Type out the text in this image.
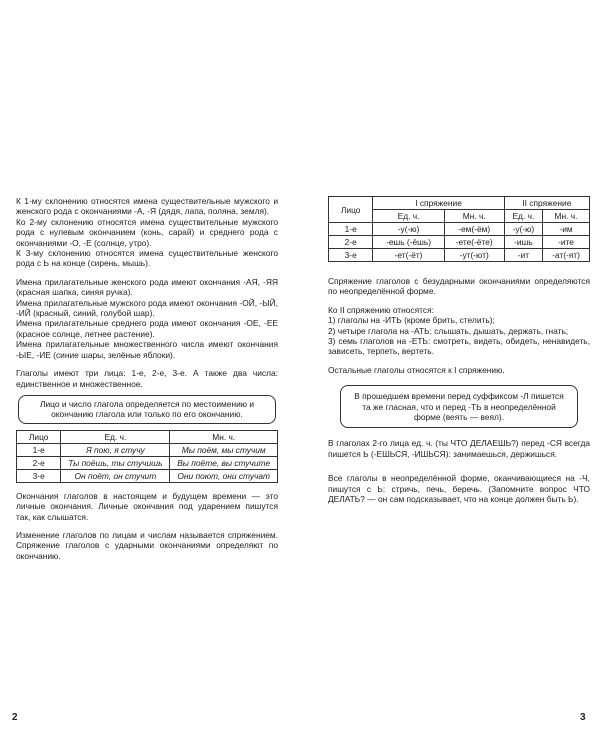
К 1-му склонению относятся имена существительные мужского и женского рода с окончаниями -А, -Я (дядя, лапа, поляна, земля).

Ко 2-му склонению относятся имена существительные мужского рода с нулевым окончанием (конь, сарай) и среднего рода с окончаниями -О, -Е (солнце, утро).

К 3-му склонению относятся имена существительные женского рода с Ь на конце (сирень, мышь).

Имена прилагательные женского рода имеют окончания -АЯ, -ЯЯ (красная шапка, синяя ручка).

Имена прилагательные мужского рода имеют окончания -ОЙ, -ЫЙ, -ИЙ (красный, синий, голубой шар).

Имена прилагательные среднего рода имеют окончания -ОЕ, -ЕЕ (красное солнце, летнее растение).

Имена прилагательные множественного числа имеют окончания -ЫЕ, -ИЕ (синие шары, зелёные яблоки).

Глаголы имеют три лица: 1-е, 2-е, 3-е. А также два числа: единственное и множественное.

Лицо и число глагола определяется по местоимению и окончанию глагола или только по его окончанию.
Лицо	Ед. ч.	Мн. ч.
1-е	Я пою, я стучу	Мы поём, мы стучим
2-е	Ты поёшь, ты стучишь	Вы поёте, вы стучите
3-е	Он поёт, он стучит	Они поют, они стучат

Окончания глаголов в настоящем и будущем времени — это личные окончания. Личные окончания под ударением пишутся так, как слышатся.

Изменение глаголов по лицам и числам называется спряжением. Спряжение глаголов с ударными окончаниями определяют по окончанию.

2
Лицо	I спряжение		II спряжение	
	Ед. ч.	Мн. ч.	Ед. ч.	Мн. ч.
1-е	-у(-ю)	-ем(-ём)	-у(-ю)	-им
2-е	-ешь (-ёшь)	-ете(-ёте)	-ишь	-ите
3-е	-ет(-ёт)	-ут(-ют)	-ит	-ат(-ят)

Спряжение глаголов с безударными окончаниями определяются по неопределённой форме.

Ко II спряжению относятся:

1) глаголы на -ИТЬ (кроме брить, стелить);

2) четыре глагола на -АТЬ: слышать, дышать, держать, гнать;

3) семь глаголов на -ЕТЬ: смотреть, видеть, обидеть, ненавидеть, зависеть, терпеть, вертеть.

Остальные глаголы относятся к I спряжению.

В прошедшем времени перед суффиксом -Л пишется та же гласная, что и перед -ТЬ в неопределённой форме (веять — веял).

В глаголах 2-го лица ед. ч. (ты ЧТО ДЕЛАЕШЬ?) перед -СЯ всегда пишется Ь (-ЕШЬСЯ, -ИШЬСЯ): занимаешься, держишься.

Все глаголы в неопределённой форме, оканчивающиеся на -Ч, пишутся с Ь: стричь, печь, беречь. (Запомните вопрос ЧТО ДЕЛАТЬ? — он сам подсказывает, что на конце должен быть Ь).

3
